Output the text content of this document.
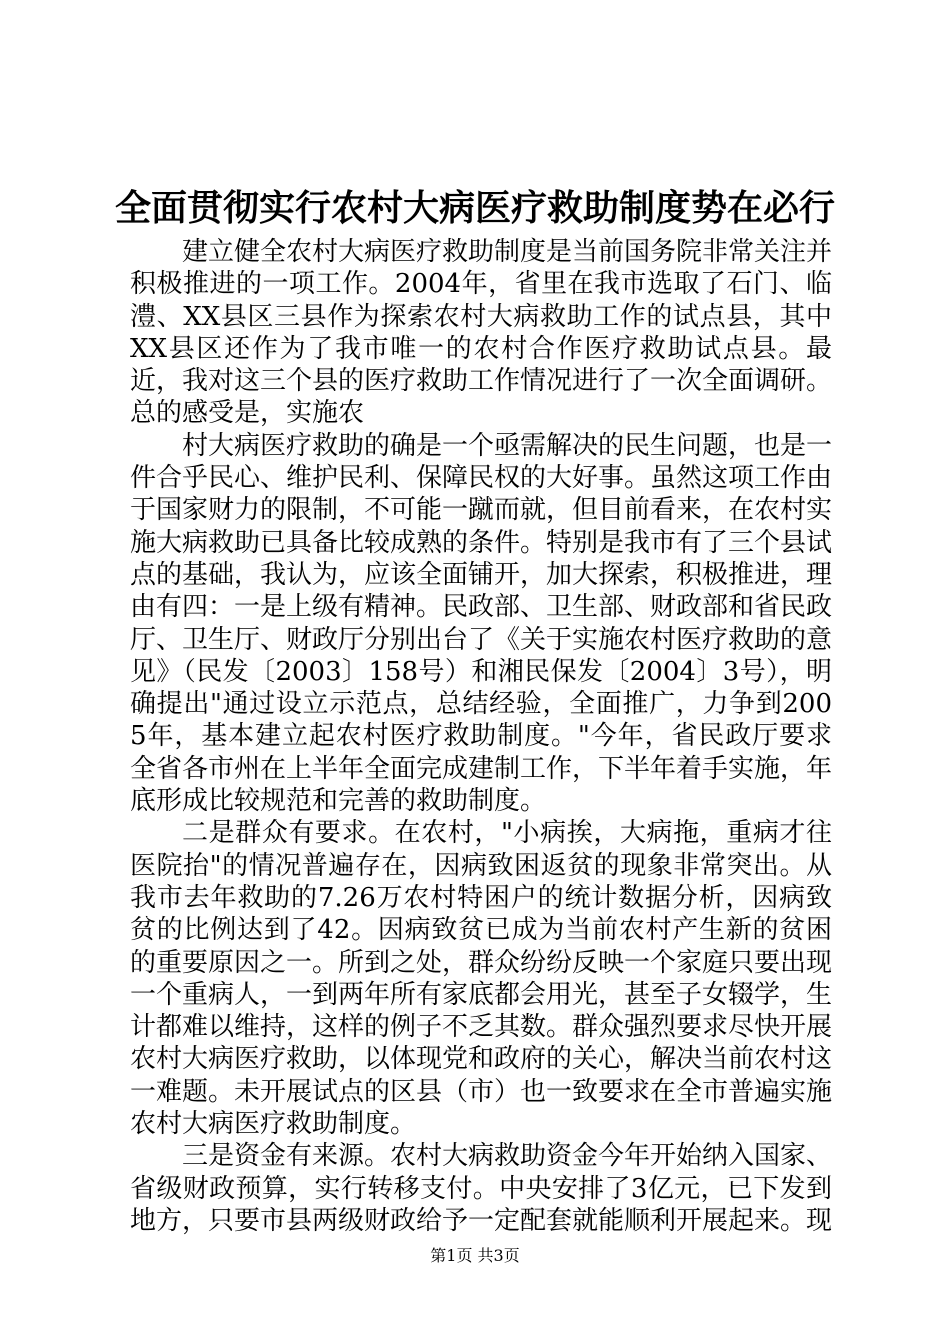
全面贯彻实行农村大病医疗救助制度势在必行

建立健全农村大病医疗救助制度是当前国务院非常关注并积极推进的一项工作。2004年，省里在我市选取了石门、临澧、XX县区三县作为探索农村大病救助工作的试点县，其中XX县区还作为了我市唯一的农村合作医疗救助试点县。最近，我对这三个县的医疗救助工作情况进行了一次全面调研。总的感受是，实施农

村大病医疗救助的确是一个亟需解决的民生问题，也是一件合乎民心、维护民利、保障民权的大好事。虽然这项工作由于国家财力的限制，不可能一蹴而就，但目前看来，在农村实施大病救助已具备比较成熟的条件。特别是我市有了三个县试点的基础，我认为，应该全面铺开，加大探索，积极推进，理由有四：一是上级有精神。民政部、卫生部、财政部和省民政厅、卫生厅、财政厅分别出台了《关于实施农村医疗救助的意见》（民发〔2003〕158号）和湘民保发〔2004〕3号），明确提出"通过设立示范点，总结经验，全面推广，力争到2005年，基本建立起农村医疗救助制度。"今年，省民政厅要求全省各市州在上半年全面完成建制工作，下半年着手实施，年底形成比较规范和完善的救助制度。

二是群众有要求。在农村，"小病挨，大病拖，重病才往医院抬"的情况普遍存在，因病致困返贫的现象非常突出。从我市去年救助的7.26万农村特困户的统计数据分析，因病致贫的比例达到了42。因病致贫已成为当前农村产生新的贫困的重要原因之一。所到之处，群众纷纷反映一个家庭只要出现一个重病人，一到两年所有家底都会用光，甚至子女辍学，生计都难以维持，这样的例子不乏其数。群众强烈要求尽快开展农村大病医疗救助，以体现党和政府的关心，解决当前农村这一难题。未开展试点的区县（市）也一致要求在全市普遍实施农村大病医疗救助制度。

三是资金有来源。农村大病救助资金今年开始纳入国家、省级财政预算，实行转移支付。中央安排了3亿元，已下发到地方，只要市县两级财政给予一定配套就能顺利开展起来。现

第1页 共3页
